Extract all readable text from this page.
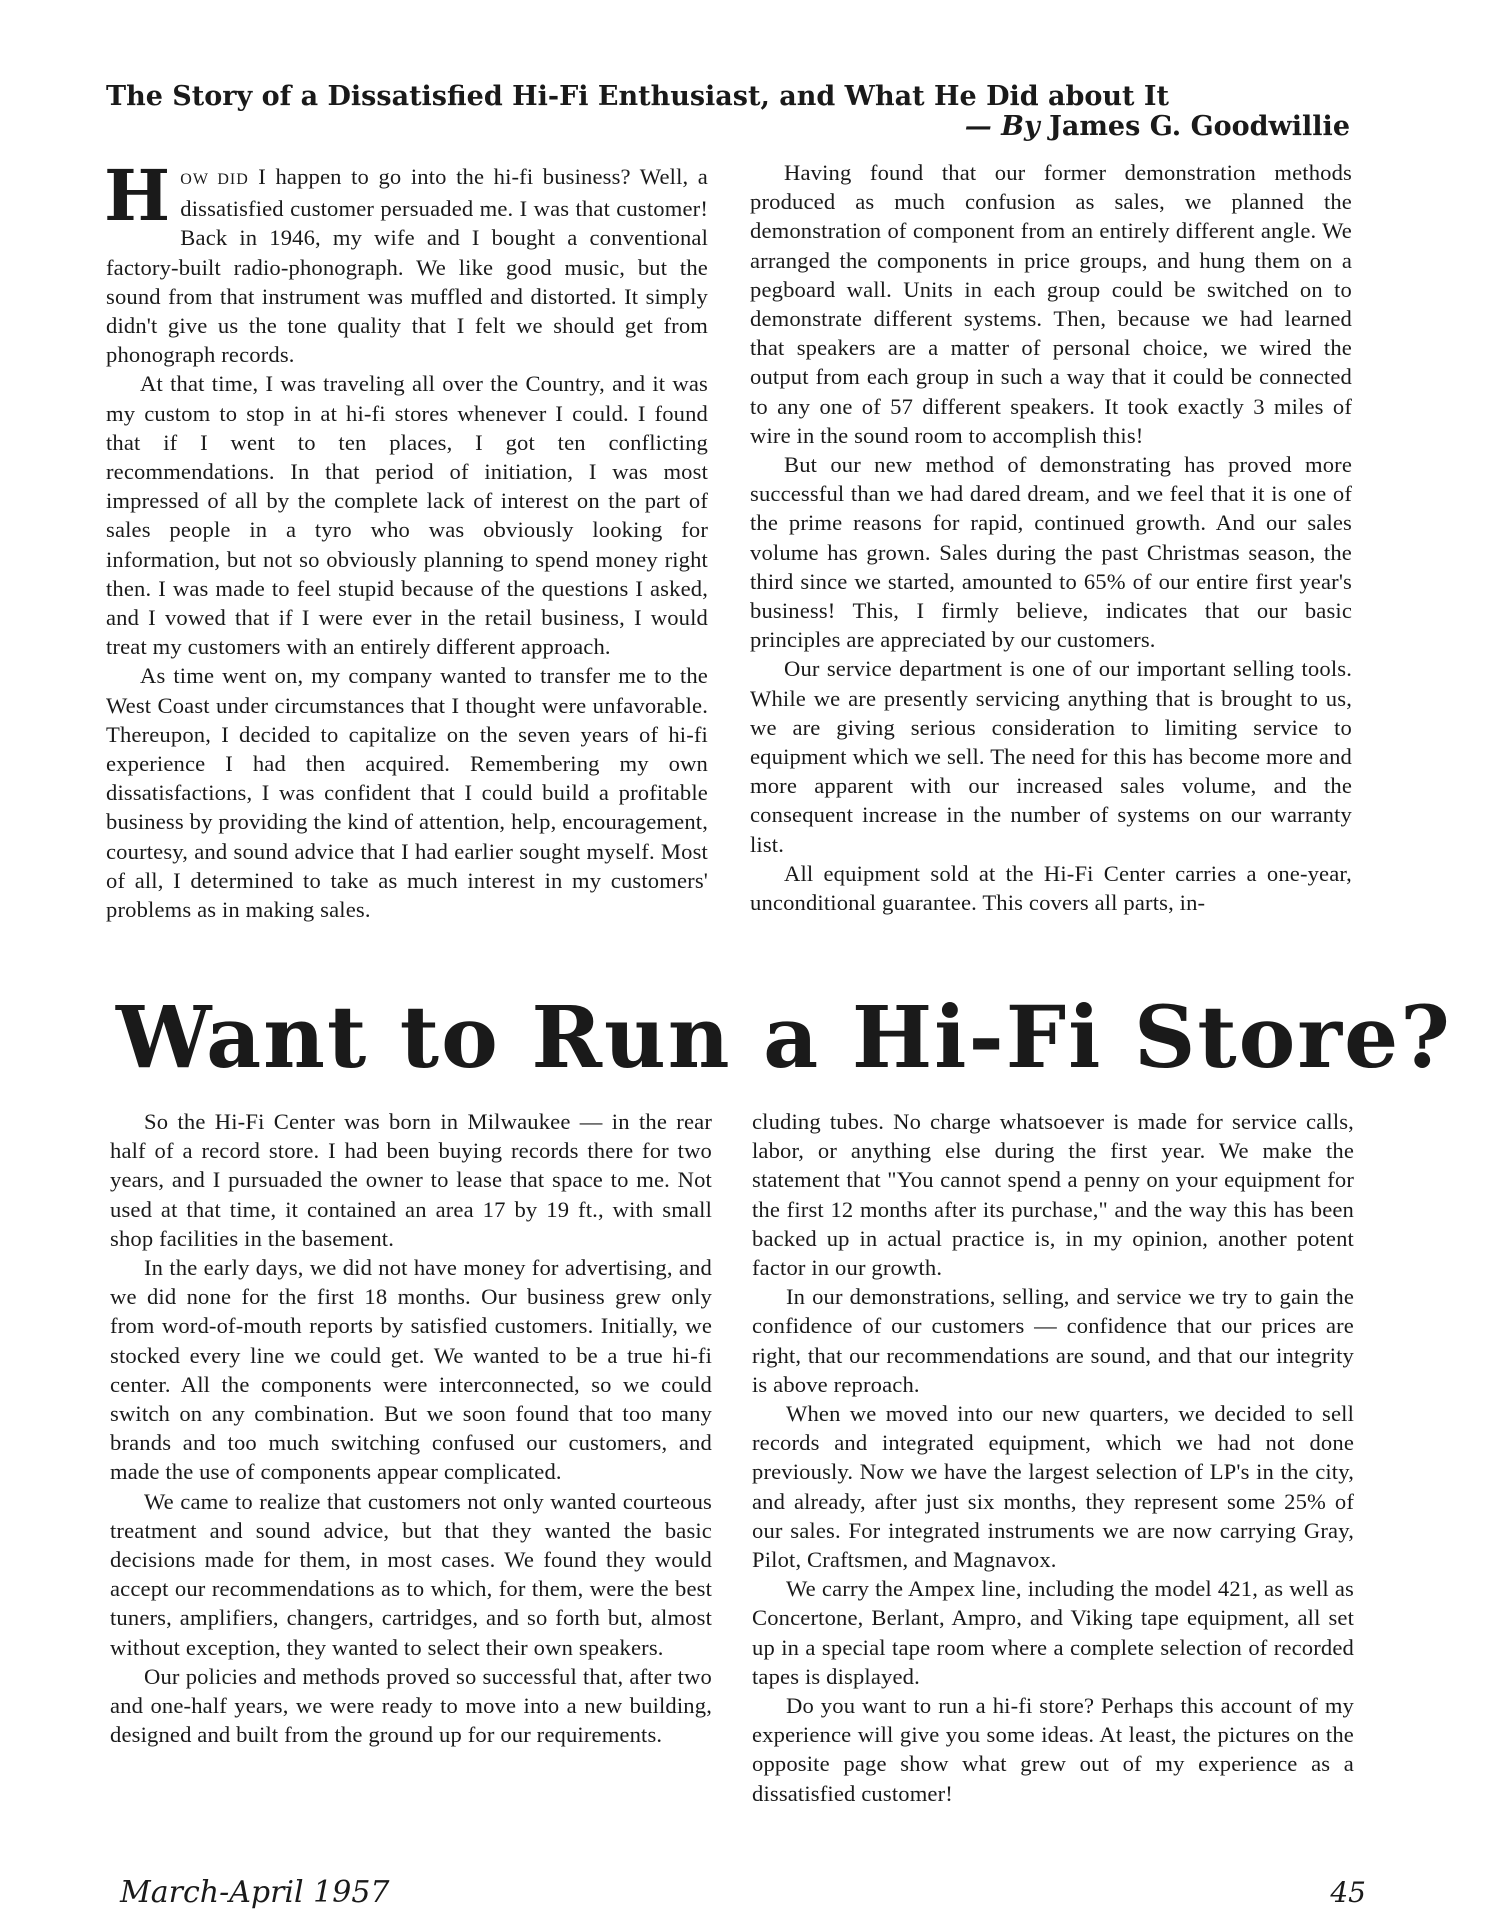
The Story of a Dissatisfied Hi-Fi Enthusiast, and What He Did about It
— By James G. Goodwillie

HOW DID I happen to go into the hi-fi business? Well, a dissatisfied customer persuaded me. I was that customer! Back in 1946, my wife and I bought a conventional factory-built radio-phonograph. We like good music, but the sound from that instrument was muffled and distorted. It simply didn't give us the tone quality that I felt we should get from phonograph records.

At that time, I was traveling all over the Country, and it was my custom to stop in at hi-fi stores whenever I could. I found that if I went to ten places, I got ten conflicting recommendations. In that period of initiation, I was most impressed of all by the complete lack of interest on the part of sales people in a tyro who was obviously looking for information, but not so obviously planning to spend money right then. I was made to feel stupid because of the questions I asked, and I vowed that if I were ever in the retail business, I would treat my customers with an entirely different approach.

As time went on, my company wanted to transfer me to the West Coast under circumstances that I thought were unfavorable. Thereupon, I decided to capitalize on the seven years of hi-fi experience I had then acquired. Remembering my own dissatisfactions, I was confident that I could build a profitable business by providing the kind of attention, help, encouragement, courtesy, and sound advice that I had earlier sought myself. Most of all, I determined to take as much interest in my customers' problems as in making sales.

Having found that our former demonstration methods produced as much confusion as sales, we planned the demonstration of component from an entirely different angle. We arranged the components in price groups, and hung them on a pegboard wall. Units in each group could be switched on to demonstrate different systems. Then, because we had learned that speakers are a matter of personal choice, we wired the output from each group in such a way that it could be connected to any one of 57 different speakers. It took exactly 3 miles of wire in the sound room to accomplish this!

But our new method of demonstrating has proved more successful than we had dared dream, and we feel that it is one of the prime reasons for rapid, continued growth. And our sales volume has grown. Sales during the past Christmas season, the third since we started, amounted to 65% of our entire first year's business! This, I firmly believe, indicates that our basic principles are appreciated by our customers.

Our service department is one of our important selling tools. While we are presently servicing anything that is brought to us, we are giving serious consideration to limiting service to equipment which we sell. The need for this has become more and more apparent with our increased sales volume, and the consequent increase in the number of systems on our warranty list.

All equipment sold at the Hi-Fi Center carries a one-year, unconditional guarantee. This covers all parts, in-

Want to Run a Hi-Fi Store?

So the Hi-Fi Center was born in Milwaukee — in the rear half of a record store. I had been buying records there for two years, and I pursuaded the owner to lease that space to me. Not used at that time, it contained an area 17 by 19 ft., with small shop facilities in the basement.

In the early days, we did not have money for advertising, and we did none for the first 18 months. Our business grew only from word-of-mouth reports by satisfied customers. Initially, we stocked every line we could get. We wanted to be a true hi-fi center. All the components were interconnected, so we could switch on any combination. But we soon found that too many brands and too much switching confused our customers, and made the use of components appear complicated.

We came to realize that customers not only wanted courteous treatment and sound advice, but that they wanted the basic decisions made for them, in most cases. We found they would accept our recommendations as to which, for them, were the best tuners, amplifiers, changers, cartridges, and so forth but, almost without exception, they wanted to select their own speakers.

Our policies and methods proved so successful that, after two and one-half years, we were ready to move into a new building, designed and built from the ground up for our requirements.

cluding tubes. No charge whatsoever is made for service calls, labor, or anything else during the first year. We make the statement that "You cannot spend a penny on your equipment for the first 12 months after its purchase," and the way this has been backed up in actual practice is, in my opinion, another potent factor in our growth.

In our demonstrations, selling, and service we try to gain the confidence of our customers — confidence that our prices are right, that our recommendations are sound, and that our integrity is above reproach.

When we moved into our new quarters, we decided to sell records and integrated equipment, which we had not done previously. Now we have the largest selection of LP's in the city, and already, after just six months, they represent some 25% of our sales. For integrated instruments we are now carrying Gray, Pilot, Craftsmen, and Magnavox.

We carry the Ampex line, including the model 421, as well as Concertone, Berlant, Ampro, and Viking tape equipment, all set up in a special tape room where a complete selection of recorded tapes is displayed.

Do you want to run a hi-fi store? Perhaps this account of my experience will give you some ideas. At least, the pictures on the opposite page show what grew out of my experience as a dissatisfied customer!

March-April 1957	45
